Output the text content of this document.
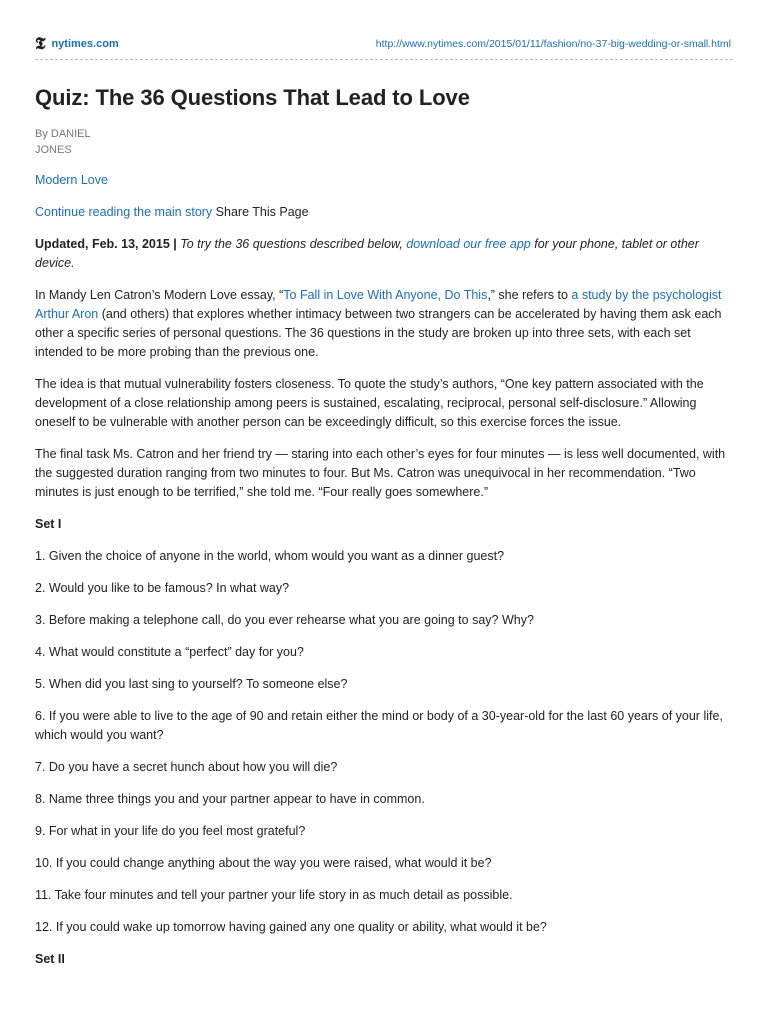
𝕿 nytimes.com	http://www.nytimes.com/2015/01/11/fashion/no-37-big-wedding-or-small.html
Quiz: The 36 Questions That Lead to Love
By DANIEL JONES

Modern Love

Continue reading the main story Share This Page

Updated, Feb. 13, 2015 | To try the 36 questions described below, download our free app for your phone, tablet or other device.

In Mandy Len Catron’s Modern Love essay, “To Fall in Love With Anyone, Do This,” she refers to a study by the psychologist Arthur Aron (and others) that explores whether intimacy between two strangers can be accelerated by having them ask each other a specific series of personal questions. The 36 questions in the study are broken up into three sets, with each set intended to be more probing than the previous one.

The idea is that mutual vulnerability fosters closeness. To quote the study’s authors, “One key pattern associated with the development of a close relationship among peers is sustained, escalating, reciprocal, personal self-disclosure.” Allowing oneself to be vulnerable with another person can be exceedingly difficult, so this exercise forces the issue.

The final task Ms. Catron and her friend try — staring into each other’s eyes for four minutes — is less well documented, with the suggested duration ranging from two minutes to four. But Ms. Catron was unequivocal in her recommendation. “Two minutes is just enough to be terrified,” she told me. “Four really goes somewhere.”

Set I

1. Given the choice of anyone in the world, whom would you want as a dinner guest?

2. Would you like to be famous? In what way?

3. Before making a telephone call, do you ever rehearse what you are going to say? Why?

4. What would constitute a “perfect” day for you?

5. When did you last sing to yourself? To someone else?

6. If you were able to live to the age of 90 and retain either the mind or body of a 30-year-old for the last 60 years of your life, which would you want?

7. Do you have a secret hunch about how you will die?

8. Name three things you and your partner appear to have in common.

9. For what in your life do you feel most grateful?

10. If you could change anything about the way you were raised, what would it be?

11. Take four minutes and tell your partner your life story in as much detail as possible.

12. If you could wake up tomorrow having gained any one quality or ability, what would it be?

Set II
